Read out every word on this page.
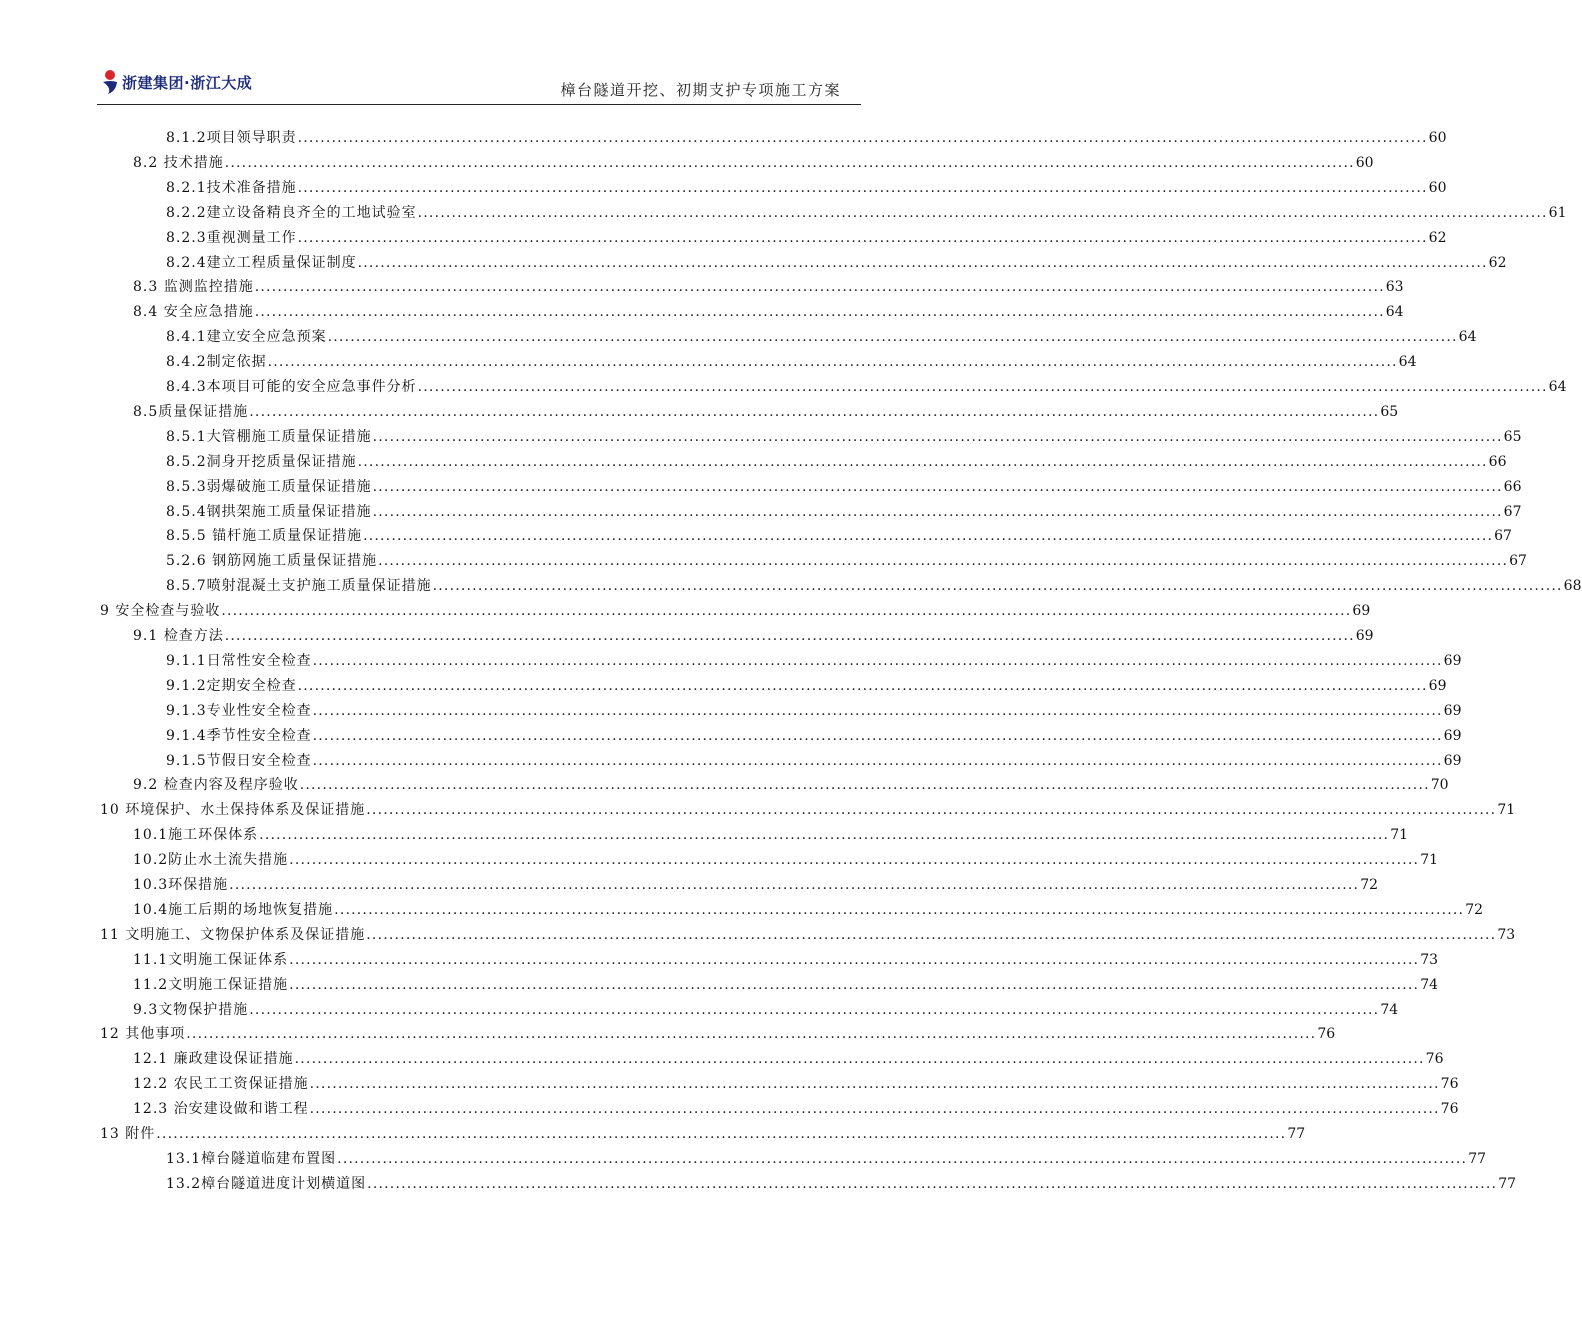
浙建集团·浙江大成	樟台隧道开挖、初期支护专项施工方案
8.1.2项目领导职责 ........................................................................................................................................................................................................ 60
8.2 技术措施 ........................................................................................................................................................................................................ 60
8.2.1技术准备措施 ........................................................................................................................................................................................................ 60
8.2.2建立设备精良齐全的工地试验室 ........................................................................................................................................................................................................ 61
8.2.3重视测量工作 ........................................................................................................................................................................................................ 62
8.2.4建立工程质量保证制度 ........................................................................................................................................................................................................ 62
8.3 监测监控措施 ........................................................................................................................................................................................................ 63
8.4 安全应急措施 ........................................................................................................................................................................................................ 64
8.4.1建立安全应急预案 ........................................................................................................................................................................................................ 64
8.4.2制定依据 ........................................................................................................................................................................................................ 64
8.4.3本项目可能的安全应急事件分析 ........................................................................................................................................................................................................ 64
8.5质量保证措施 ........................................................................................................................................................................................................ 65
8.5.1大管棚施工质量保证措施 ........................................................................................................................................................................................................ 65
8.5.2洞身开挖质量保证措施 ........................................................................................................................................................................................................ 66
8.5.3弱爆破施工质量保证措施 ........................................................................................................................................................................................................ 66
8.5.4钢拱架施工质量保证措施 ........................................................................................................................................................................................................ 67
8.5.5 锚杆施工质量保证措施 ........................................................................................................................................................................................................ 67
5.2.6 钢筋网施工质量保证措施 ........................................................................................................................................................................................................ 67
8.5.7喷射混凝土支护施工质量保证措施 ........................................................................................................................................................................................................ 68
9 安全检查与验收 ........................................................................................................................................................................................................ 69
9.1 检查方法 ........................................................................................................................................................................................................ 69
9.1.1日常性安全检查 ........................................................................................................................................................................................................ 69
9.1.2定期安全检查 ........................................................................................................................................................................................................ 69
9.1.3专业性安全检查 ........................................................................................................................................................................................................ 69
9.1.4季节性安全检查 ........................................................................................................................................................................................................ 69
9.1.5节假日安全检查 ........................................................................................................................................................................................................ 69
9.2 检查内容及程序验收 ........................................................................................................................................................................................................ 70
10 环境保护、水土保持体系及保证措施 ........................................................................................................................................................................................................ 71
10.1施工环保体系 ........................................................................................................................................................................................................ 71
10.2防止水土流失措施 ........................................................................................................................................................................................................ 71
10.3环保措施 ........................................................................................................................................................................................................ 72
10.4施工后期的场地恢复措施 ........................................................................................................................................................................................................ 72
11 文明施工、文物保护体系及保证措施 ........................................................................................................................................................................................................ 73
11.1文明施工保证体系 ........................................................................................................................................................................................................ 73
11.2文明施工保证措施 ........................................................................................................................................................................................................ 74
9.3文物保护措施 ........................................................................................................................................................................................................ 74
12 其他事项 ........................................................................................................................................................................................................ 76
12.1 廉政建设保证措施 ........................................................................................................................................................................................................ 76
12.2 农民工工资保证措施 ........................................................................................................................................................................................................ 76
12.3 治安建设做和谐工程 ........................................................................................................................................................................................................ 76
13 附件 ........................................................................................................................................................................................................ 77
13.1樟台隧道临建布置图 ........................................................................................................................................................................................................ 77
13.2樟台隧道进度计划横道图 ........................................................................................................................................................................................................ 77
